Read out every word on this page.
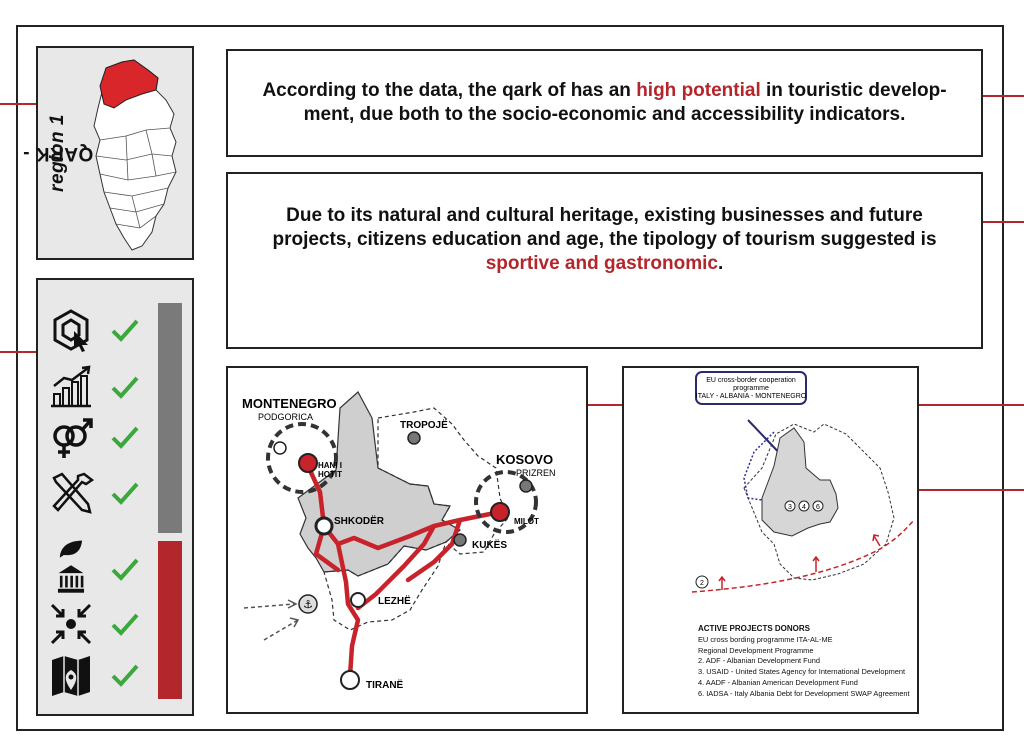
QARK -
region 1
According to the data, the qark of has an high potential in touristic develop-ment, due both to the socio-economic and accessibility indicators.
Due to its natural and cultural heritage, existing businesses and future projects, citizens education and age, the tipology of tourism suggested is sportive and gastronomic.
⚓
MONTENEGRO
PODGORICA
KOSOVO
PRIZREN
TROPOJË
SHKODËR
LEZHË
KUKËS
MILOT
HANI I
HOTIT
TIRANË
EU cross-border cooperation
programme
ITALY - ALBANIA - MONTENEGRO
3 4 6
2
ACTIVE PROJECTS DONORS
EU cross bording programme ITA-AL-ME
Regional Development Programme
2. ADF - Albanian Development Fund
3. USAID - United States Agency for International Development
4. AADF - Albanian American Development Fund
6. IADSA - Italy Albania Debt for Development SWAP Agreement
